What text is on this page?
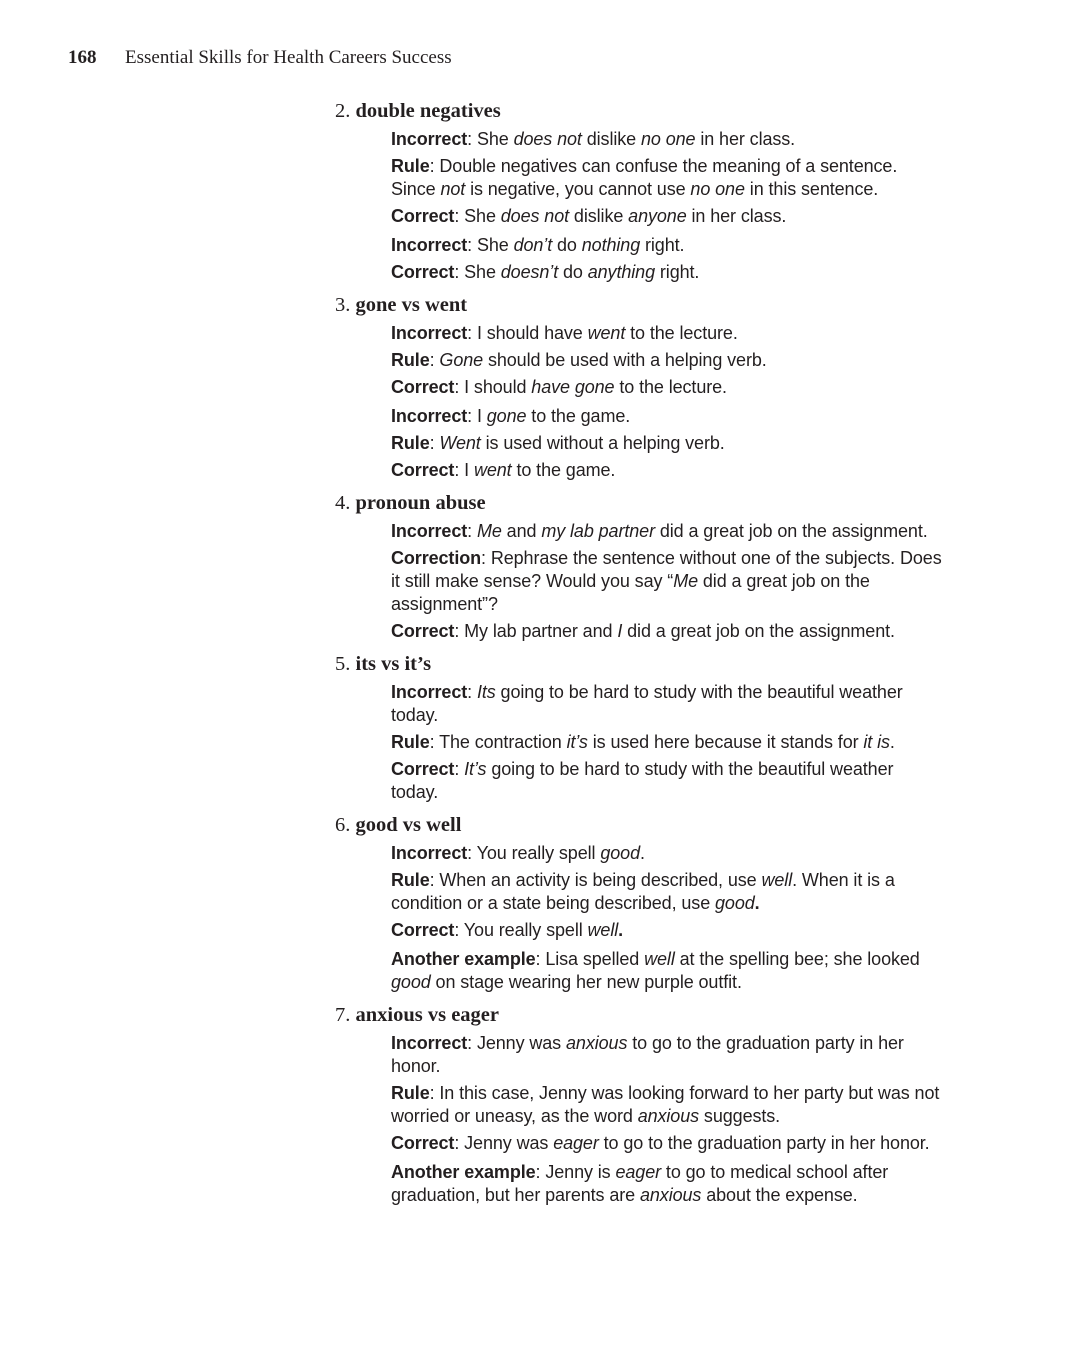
168 Essential Skills for Health Careers Success
2. double negatives

Incorrect: She does not dislike no one in her class.

Rule: Double negatives can confuse the meaning of a sentence. Since not is negative, you cannot use no one in this sentence.

Correct: She does not dislike anyone in her class.

Incorrect: She don’t do nothing right.

Correct: She doesn’t do anything right.

3. gone vs went

Incorrect: I should have went to the lecture.

Rule: Gone should be used with a helping verb.

Correct: I should have gone to the lecture.

Incorrect: I gone to the game.

Rule: Went is used without a helping verb.

Correct: I went to the game.

4. pronoun abuse

Incorrect: Me and my lab partner did a great job on the assignment.

Correction: Rephrase the sentence without one of the subjects. Does it still make sense? Would you say “Me did a great job on the assignment”?

Correct: My lab partner and I did a great job on the assignment.

5. its vs it’s

Incorrect: Its going to be hard to study with the beautiful weather today.

Rule: The contraction it’s is used here because it stands for it is.

Correct: It’s going to be hard to study with the beautiful weather today.

6. good vs well

Incorrect: You really spell good.

Rule: When an activity is being described, use well. When it is a condition or a state being described, use good.

Correct: You really spell well.

Another example: Lisa spelled well at the spelling bee; she looked good on stage wearing her new purple outfit.

7. anxious vs eager

Incorrect: Jenny was anxious to go to the graduation party in her honor.

Rule: In this case, Jenny was looking forward to her party but was not worried or uneasy, as the word anxious suggests.

Correct: Jenny was eager to go to the graduation party in her honor.

Another example: Jenny is eager to go to medical school after graduation, but her parents are anxious about the expense.
